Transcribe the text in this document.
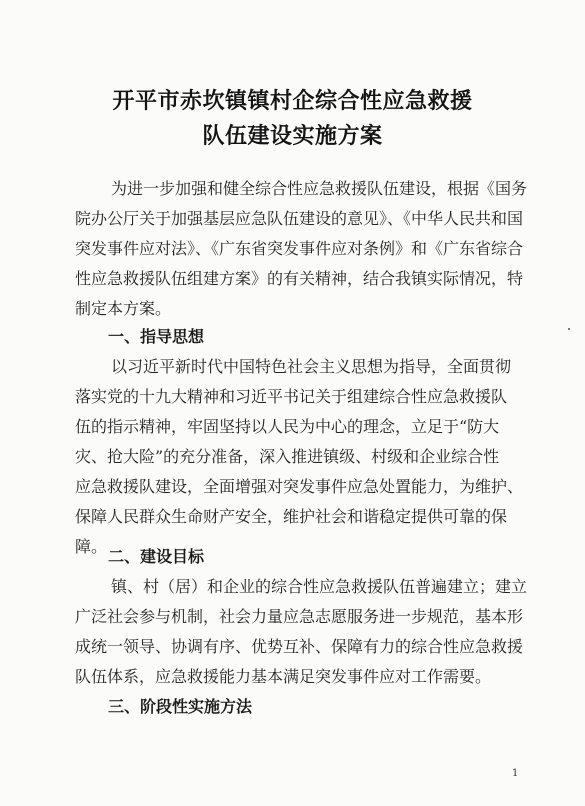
开平市赤坎镇镇村企综合性应急救援
队伍建设实施方案
为进一步加强和健全综合性应急救援队伍建设，根据《国务
院办公厅关于加强基层应急队伍建设的意见》、《中华人民共和国
突发事件应对法》、《广东省突发事件应对条例》和《广东省综合
性应急救援队伍组建方案》的有关精神，结合我镇实际情况，特
制定本方案。
一、指导思想
以习近平新时代中国特色社会主义思想为指导，全面贯彻
落实党的十九大精神和习近平书记关于组建综合性应急救援队
伍的指示精神，牢固坚持以人民为中心的理念，立足于“防大
灾、抢大险”的充分准备，深入推进镇级、村级和企业综合性
应急救援队建设，全面增强对突发事件应急处置能力，为维护、
保障人民群众生命财产安全，维护社会和谐稳定提供可靠的保
障。
二、建设目标
镇、村（居）和企业的综合性应急救援队伍普遍建立；建立
广泛社会参与机制，社会力量应急志愿服务进一步规范，基本形
成统一领导、协调有序、优势互补、保障有力的综合性应急救援
队伍体系，应急救援能力基本满足突发事件应对工作需要。
三、阶段性实施方法
1
